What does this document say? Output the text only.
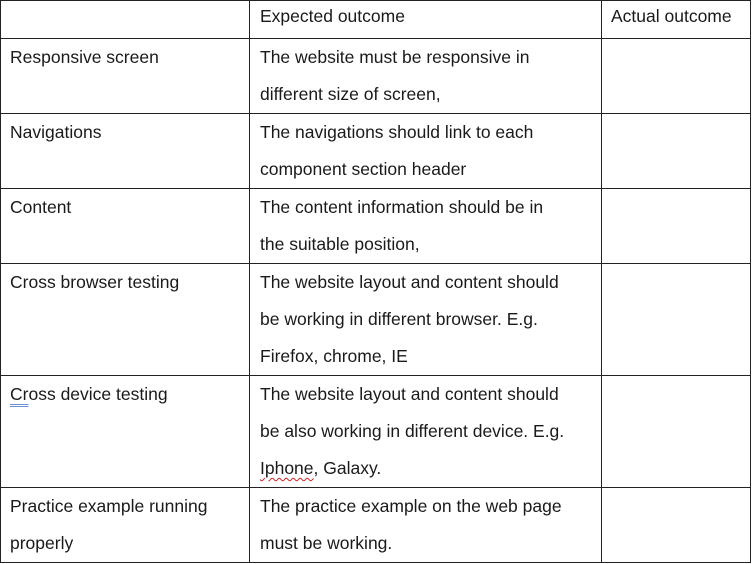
	Expected outcome	Actual outcome

Responsive screen	The website must be responsive in
different size of screen,	

Navigations	The navigations should link to each
component section header	

Content	The content information should be in
the suitable position,	

Cross browser testing	The website layout and content should
be working in different browser. E.g.
Firefox, chrome, IE	

Cross device testing	The website layout and content should
be also working in different device. E.g.
Iphone, Galaxy.	

Practice example running
properly	The practice example on the web page
must be working.	
